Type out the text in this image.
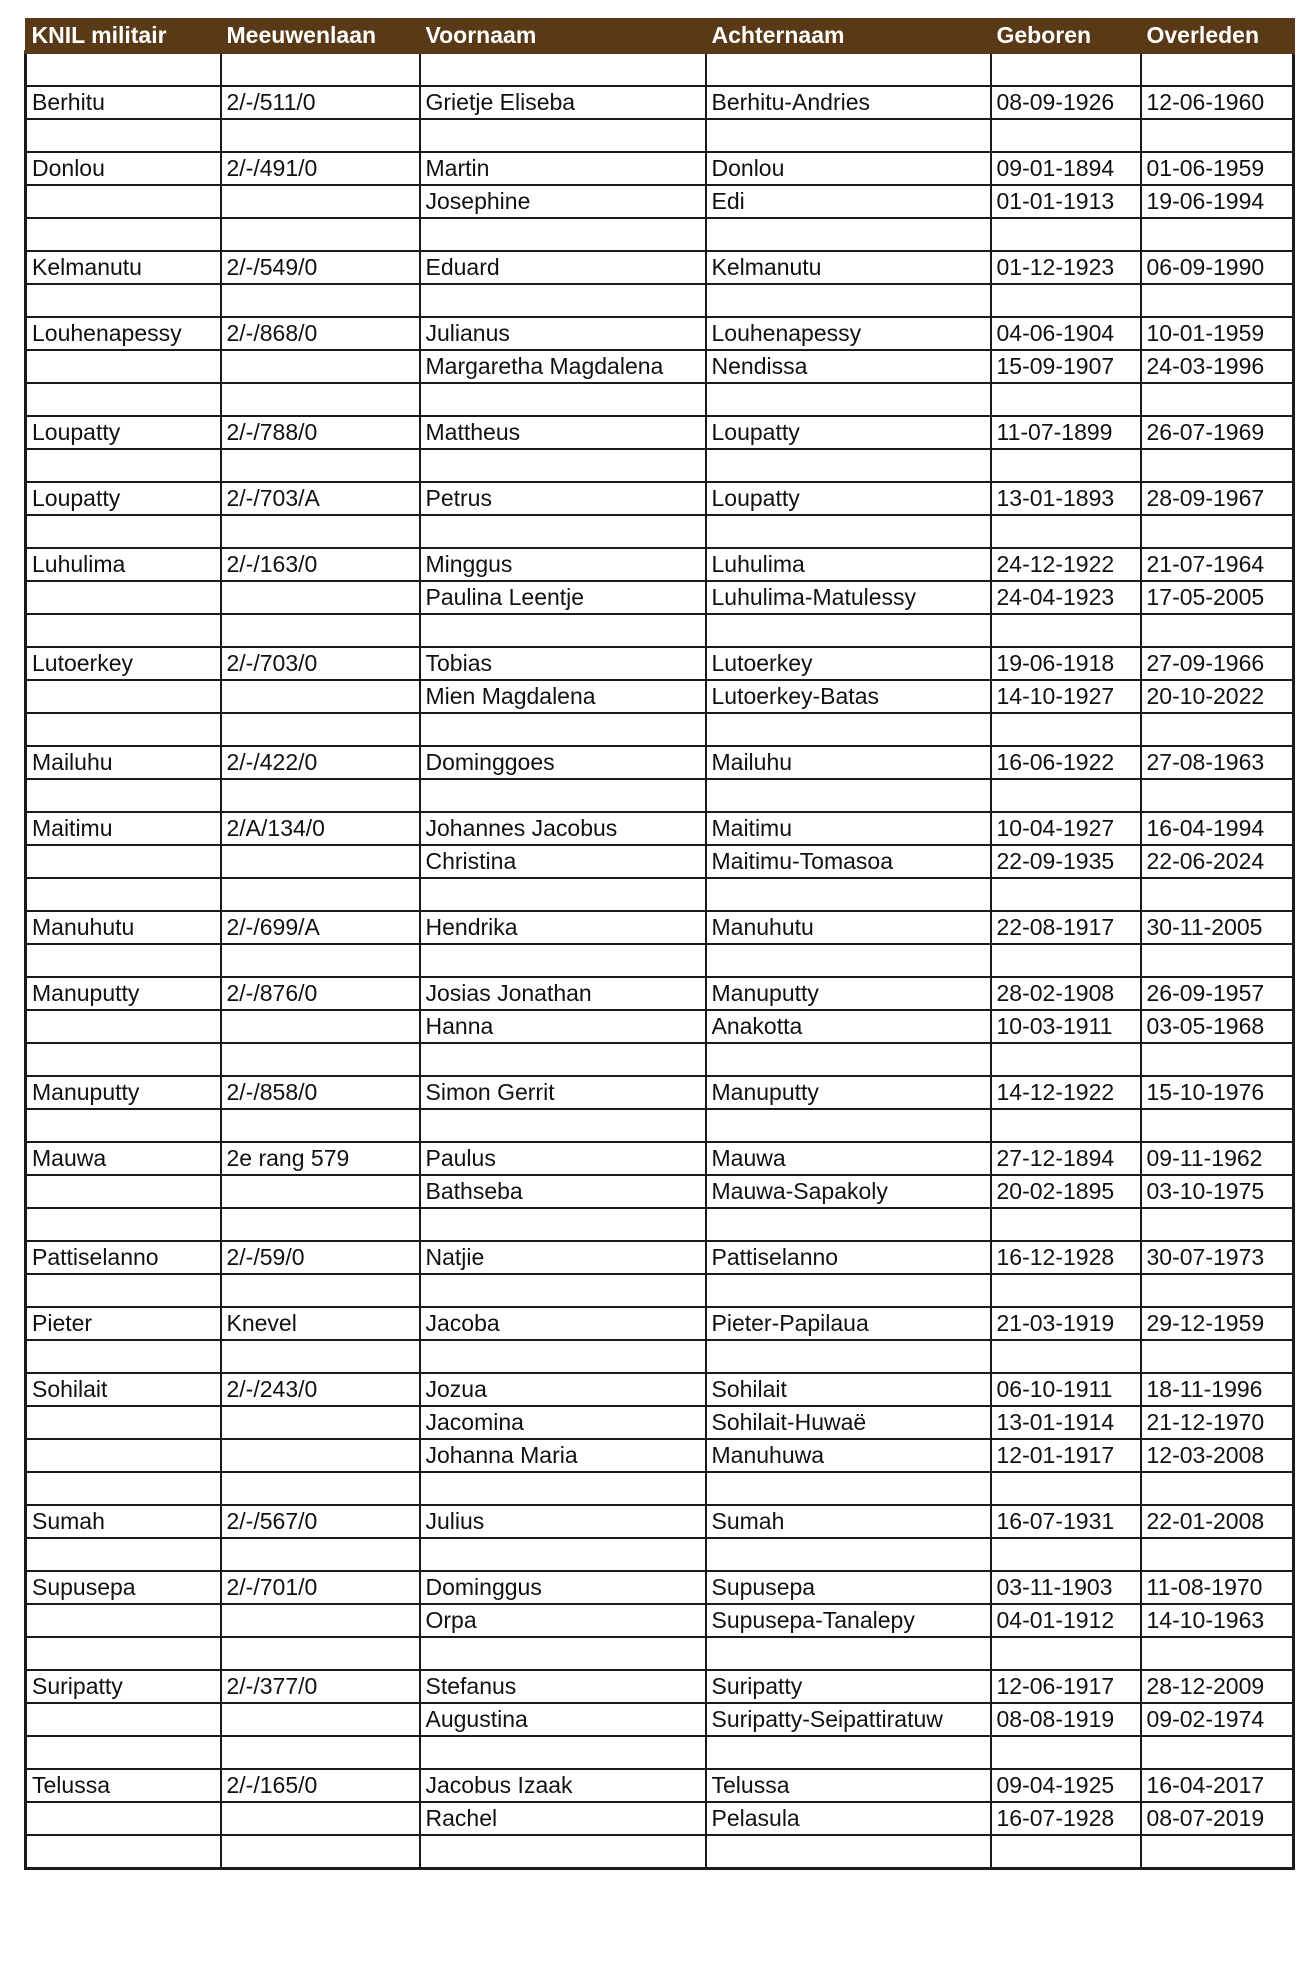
KNIL militair	Meeuwenlaan	Voornaam	Achternaam	Geboren	Overleden

Berhitu	2/-/511/0	Grietje Eliseba	Berhitu-Andries	08-09-1926	12-06-1960

Donlou	2/-/491/0	Martin	Donlou	09-01-1894	01-06-1959
		Josephine	Edi	01-01-1913	19-06-1994

Kelmanutu	2/-/549/0	Eduard	Kelmanutu	01-12-1923	06-09-1990

Louhenapessy	2/-/868/0	Julianus	Louhenapessy	04-06-1904	10-01-1959
		Margaretha Magdalena	Nendissa	15-09-1907	24-03-1996

Loupatty	2/-/788/0	Mattheus	Loupatty	11-07-1899	26-07-1969

Loupatty	2/-/703/A	Petrus	Loupatty	13-01-1893	28-09-1967

Luhulima	2/-/163/0	Minggus	Luhulima	24-12-1922	21-07-1964
		Paulina Leentje	Luhulima-Matulessy	24-04-1923	17-05-2005

Lutoerkey	2/-/703/0	Tobias	Lutoerkey	19-06-1918	27-09-1966
		Mien Magdalena	Lutoerkey-Batas	14-10-1927	20-10-2022

Mailuhu	2/-/422/0	Dominggoes	Mailuhu	16-06-1922	27-08-1963

Maitimu	2/A/134/0	Johannes Jacobus	Maitimu	10-04-1927	16-04-1994
		Christina	Maitimu-Tomasoa	22-09-1935	22-06-2024

Manuhutu	2/-/699/A	Hendrika	Manuhutu	22-08-1917	30-11-2005

Manuputty	2/-/876/0	Josias Jonathan	Manuputty	28-02-1908	26-09-1957
		Hanna	Anakotta	10-03-1911	03-05-1968

Manuputty	2/-/858/0	Simon Gerrit	Manuputty	14-12-1922	15-10-1976

Mauwa	2e rang 579	Paulus	Mauwa	27-12-1894	09-11-1962
		Bathseba	Mauwa-Sapakoly	20-02-1895	03-10-1975

Pattiselanno	2/-/59/0	Natjie	Pattiselanno	16-12-1928	30-07-1973

Pieter	Knevel	Jacoba	Pieter-Papilaua	21-03-1919	29-12-1959

Sohilait	2/-/243/0	Jozua	Sohilait	06-10-1911	18-11-1996
		Jacomina	Sohilait-Huwaë	13-01-1914	21-12-1970
		Johanna Maria	Manuhuwa	12-01-1917	12-03-2008

Sumah	2/-/567/0	Julius	Sumah	16-07-1931	22-01-2008

Supusepa	2/-/701/0	Dominggus	Supusepa	03-11-1903	11-08-1970
		Orpa	Supusepa-Tanalepy	04-01-1912	14-10-1963

Suripatty	2/-/377/0	Stefanus	Suripatty	12-06-1917	28-12-2009
		Augustina	Suripatty-Seipattiratuw	08-08-1919	09-02-1974

Telussa	2/-/165/0	Jacobus Izaak	Telussa	09-04-1925	16-04-2017
		Rachel	Pelasula	16-07-1928	08-07-2019
